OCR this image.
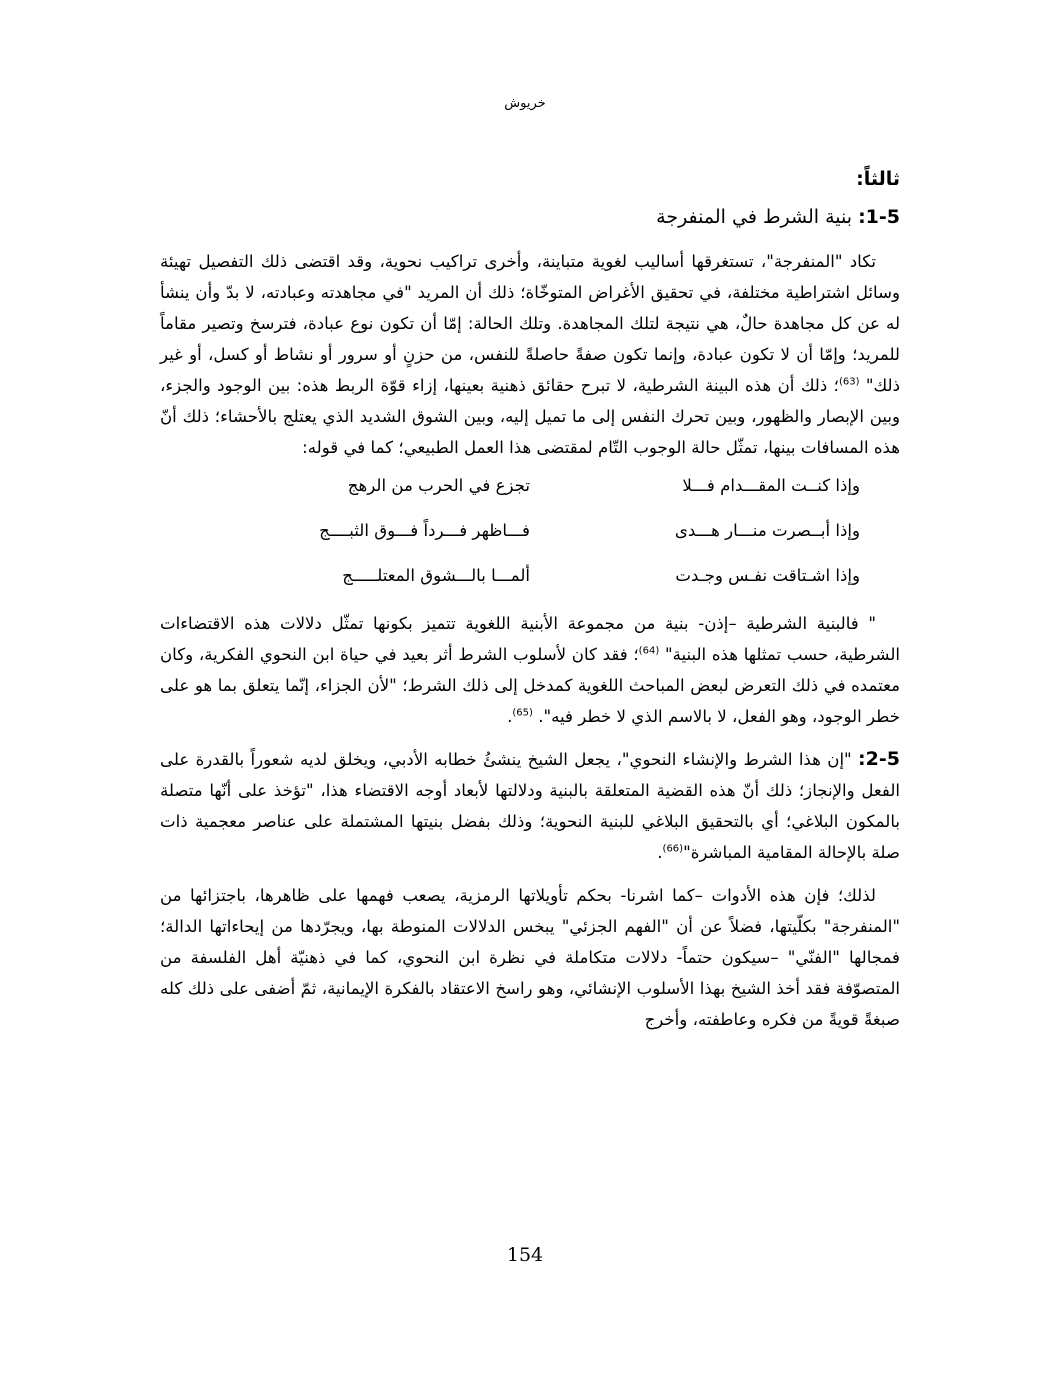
خريوش
ثالثاً:
1-5: بنية الشرط في المنفرجة

تكاد "المنفرجة"، تستغرقها أساليب لغوية متباينة، وأخرى تراكيب نحوية، وقد اقتضى ذلك التفصيل تهيئة وسائل اشتراطية مختلفة، في تحقيق الأغراض المتوخّاة؛ ذلك أن المريد "في مجاهدته وعبادته، لا بدّ وأن ينشأ له عن كل مجاهدة حالٌ، هي نتيجة لتلك المجاهدة. وتلك الحالة: إمّا أن تكون نوع عبادة، فترسخ وتصير مقاماً للمريد؛ وإمّا أن لا تكون عبادة، وإنما تكون صفةً حاصلةً للنفس، من حزنٍ أو سرور أو نشاط أو كسل، أو غير ذلك" $^{(63)}$؛ ذلك أن هذه البينة الشرطية، لا تبرح حقائق ذهنية بعينها، إزاء قوّة الربط هذه: بين الوجود والجزء، وبين الإبصار والظهور، وبين تحرك النفس إلى ما تميل إليه، وبين الشوق الشديد الذي يعتلج بالأحشاء؛ ذلك أنّ هذه المسافات بينها، تمثّل حالة الوجوب التّام لمقتضى هذا العمل الطبيعي؛ كما في قوله:

وإذا كنــت المقـــدام فـــلا
تجزع في الحرب من الرهج
وإذا أبــصرت منـــار هـــدى
فـــاظهر فـــرداً فـــوق الثبــــج
وإذا اشـتاقت نفـس وجـدت
ألمـــا بالـــشوق المعتلـــــج

" فالبنية الشرطية –إذن- بنية من مجموعة الأبنية اللغوية تتميز بكونها تمثّل دلالات هذه الاقتضاءات الشرطية، حسب تمثلها هذه البنية" $^{(64)}$؛ فقد كان لأسلوب الشرط أثر بعيد في حياة ابن النحوي الفكرية، وكان معتمده في ذلك التعرض لبعض المباحث اللغوية كمدخل إلى ذلك الشرط؛ "لأن الجزاء، إنّما يتعلق بما هو على خطر الوجود، وهو الفعل، لا بالاسم الذي لا خطر فيه". $^{(65)}$.

2-5: "إن هذا الشرط والإنشاء النحوي"، يجعل الشيخ ينشئُ خطابه الأدبي، ويخلق لديه شعوراً بالقدرة على الفعل والإنجاز؛ ذلك أنّ هذه القضية المتعلقة بالبنية ودلالتها لأبعاد أوجه الاقتضاء هذا، "تؤخذ على أنّها متصلة بالمكون البلاغي؛ أي بالتحقيق البلاغي للبنية النحوية؛ وذلك بفضل بنيتها المشتملة على عناصر معجمية ذات صلة بالإحالة المقامية المباشرة"$^{(66)}$.

لذلك؛ فإن هذه الأدوات –كما اشرنا- بحكم تأويلاتها الرمزية، يصعب فهمها على ظاهرها، باجتزائها من "المنفرجة" بكلّيتها، فضلاً عن أن "الفهم الجزئي" يبخس الدلالات المنوطة بها، ويجرّدها من إيحاءاتها الدالة؛ فمجالها "الفنّي" –سيكون حتماً- دلالات متكاملة في نظرة ابن النحوي، كما في ذهنيّة أهل الفلسفة من المتصوّفة فقد أخذ الشيخ بهذا الأسلوب الإنشائي، وهو راسخ الاعتقاد بالفكرة الإيمانية، ثمّ أضفى على ذلك كله صبغةً قويةً من فكره وعاطفته، وأخرج

154
